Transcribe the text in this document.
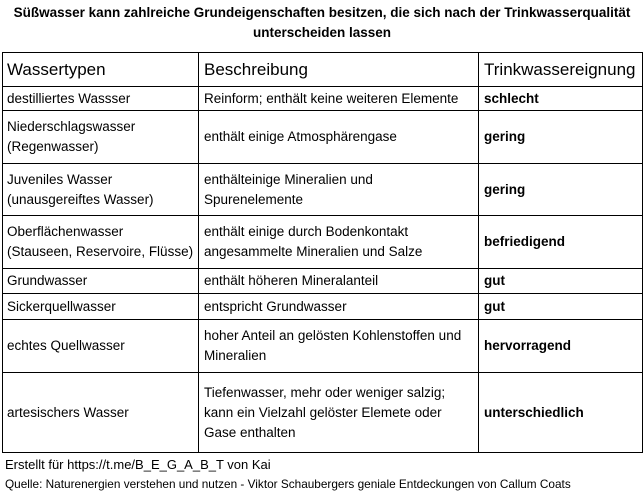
Süßwasser kann zahlreiche Grundeigenschaften besitzen, die sich nach der Trinkwasserqualität
unterscheiden lassen
Wassertypen	Beschreibung	Trinkwassereignung

destilliertes Wassser	Reinform; enthält keine weiteren Elemente	schlecht

Niederschlagswasser
(Regenwasser)	enthält einige Atmosphärengase	gering

Juveniles Wasser
(unausgereiftes Wasser)	enthälteinige Mineralien und
Spurenelemente	gering

Oberflächenwasser
(Stauseen, Reservoire, Flüsse)	enthält einige durch Bodenkontakt
angesammelte Mineralien und Salze	befriedigend

Grundwasser	enthält höheren Mineralanteil	gut

Sickerquellwasser	entspricht Grundwasser	gut

echtes Quellwasser	hoher Anteil an gelösten Kohlenstoffen und
Mineralien	hervorragend

artesischers Wasser	Tiefenwasser, mehr oder weniger salzig;
kann ein Vielzahl gelöster Elemete oder
Gase enthalten	unterschiedlich
Erstellt für https://t.me/B_E_G_A_B_T von Kai
Quelle: Naturenergien verstehen und nutzen - Viktor Schaubergers geniale Entdeckungen von Callum Coats
